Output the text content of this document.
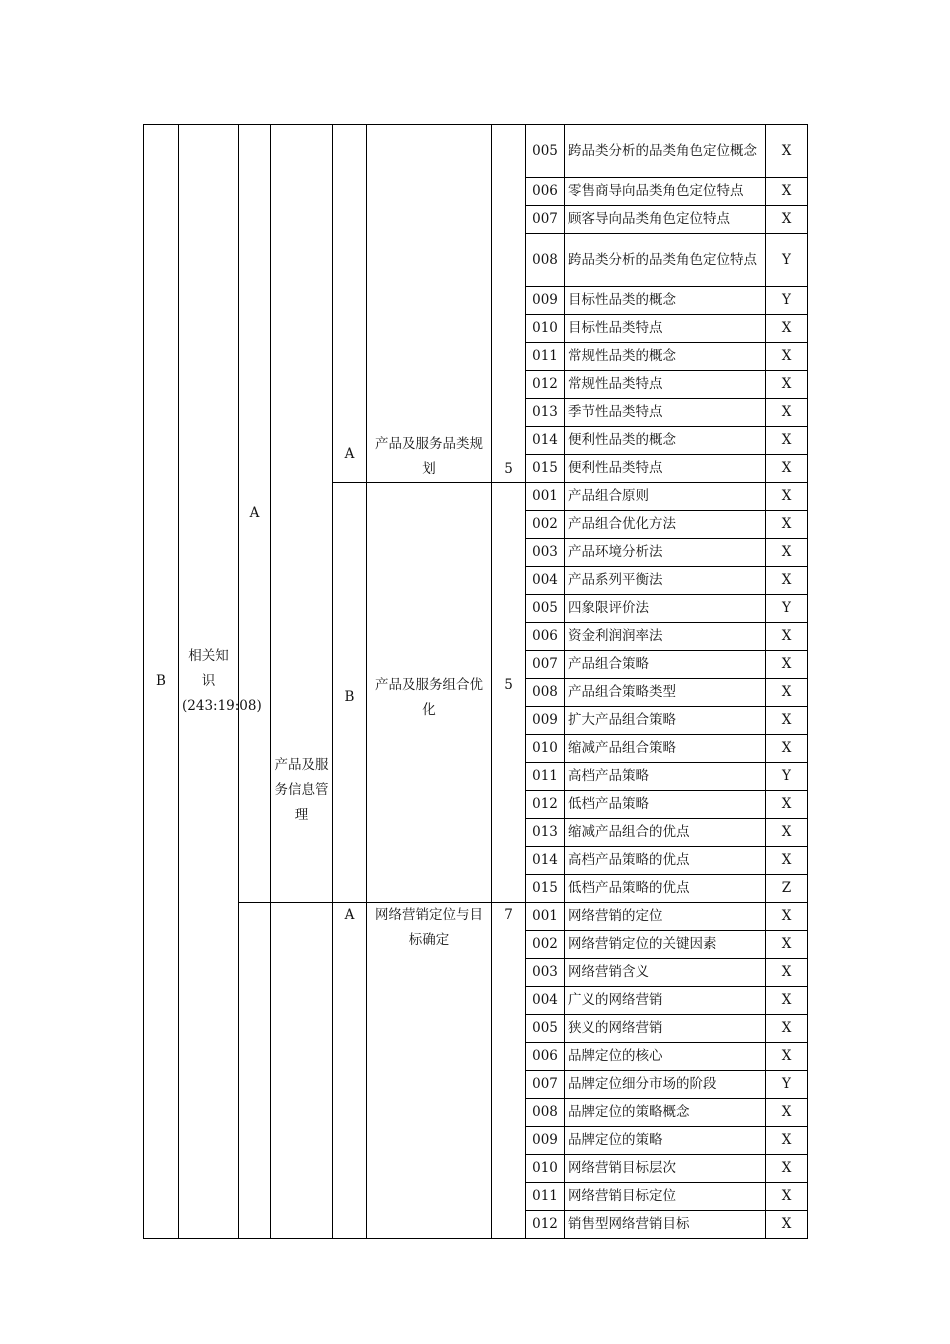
B	相关知识(243:19:08)	A	产品及服务信息管理	A	产品及服务品类规划	5	005	跨品类分析的品类角色定位概念	X
							006	零售商导向品类角色定位特点	X
							007	顾客导向品类角色定位特点	X
							008	跨品类分析的品类角色定位特点	Y
							009	目标性品类的概念	Y
							010	目标性品类特点	X
							011	常规性品类的概念	X
							012	常规性品类特点	X
							013	季节性品类特点	X
							014	便利性品类的概念	X
							015	便利性品类特点	X
				B	产品及服务组合优化	5	001	产品组合原则	X
							002	产品组合优化方法	X
							003	产品环境分析法	X
							004	产品系列平衡法	X
							005	四象限评价法	Y
							006	资金利润润率法	X
							007	产品组合策略	X
							008	产品组合策略类型	X
							009	扩大产品组合策略	X
							010	缩减产品组合策略	X
							011	高档产品策略	Y
							012	低档产品策略	X
							013	缩减产品组合的优点	X
							014	高档产品策略的优点	X
							015	低档产品策略的优点	Z
				A	网络营销定位与目标确定	7	001	网络营销的定位	X
							002	网络营销定位的关键因素	X
							003	网络营销含义	X
							004	广义的网络营销	X
							005	狭义的网络营销	X
							006	品牌定位的核心	X
							007	品牌定位细分市场的阶段	Y
							008	品牌定位的策略概念	X
							009	品牌定位的策略	X
							010	网络营销目标层次	X
							011	网络营销目标定位	X
							012	销售型网络营销目标	X
